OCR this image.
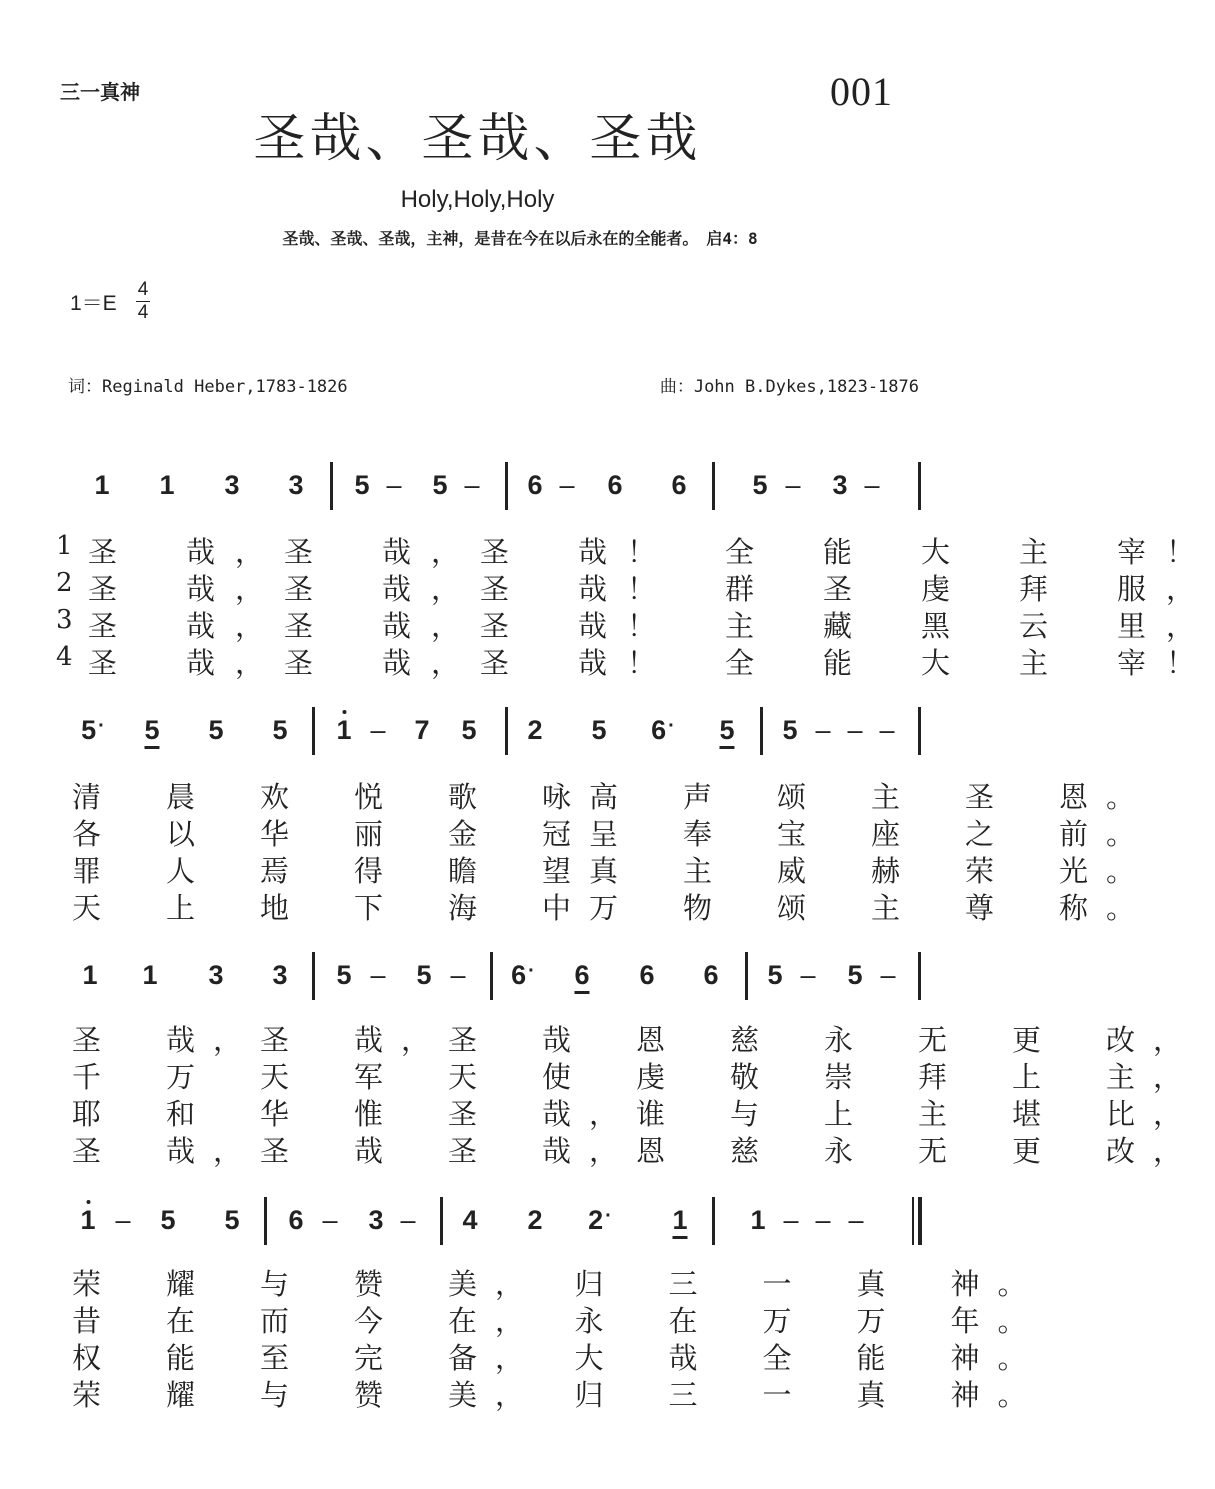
三一真神	001
圣哉、圣哉、圣哉
Holy,Holy,Holy
圣哉、圣哉、圣哉，主神，是昔在今在以后永在的全能者。　启4：8
1＝E
4
4
词：Reginald Heber,1783-1826	曲：John B.Dykes,1823-1876
1 1 3 3 5 – 5 – 6 – 6 6 5 – 3 –
圣　哉，圣　哉，圣　哉！　全　能　大　主　宰！
1
圣　哉，圣　哉，圣　哉！　群　圣　虔　拜　服，
2
圣　哉，圣　哉，圣　哉！　主　藏　黑　云　里，
3
圣　哉，圣　哉，圣　哉！　全　能　大　主　宰！
4
5 · 5 5 5 1 – 7 5 2 5 6 · 5 5 – – –
清　晨　欢　悦　歌　咏高　声　颂　主　圣　恩。
各　以　华　丽　金　冠呈　奉　宝　座　之　前。
罪　人　焉　得　瞻　望真　主　威　赫　荣　光。
天　上　地　下　海　中万　物　颂　主　尊　称。
1 1 3 3 5 – 5 – 6 · 6 6 6 5 – 5 –
圣　哉，圣　哉，圣　哉　恩　慈　永　无　更　改，
千　万　天　军　天　使　虔　敬　崇　拜　上　主，
耶　和　华　惟　圣　哉，谁　与　上　主　堪　比，
圣　哉，圣　哉　圣　哉，恩　慈　永　无　更　改，
1 – 5 5 6 – 3 – 4 2 2 · 1 1 – – –
荣　耀　与　赞　美，　归　三　一　真　神。
昔　在　而　今　在，　永　在　万　万　年。
权　能　至　完　备，　大　哉　全　能　神。
荣　耀　与　赞　美，　归　三　一　真　神。
